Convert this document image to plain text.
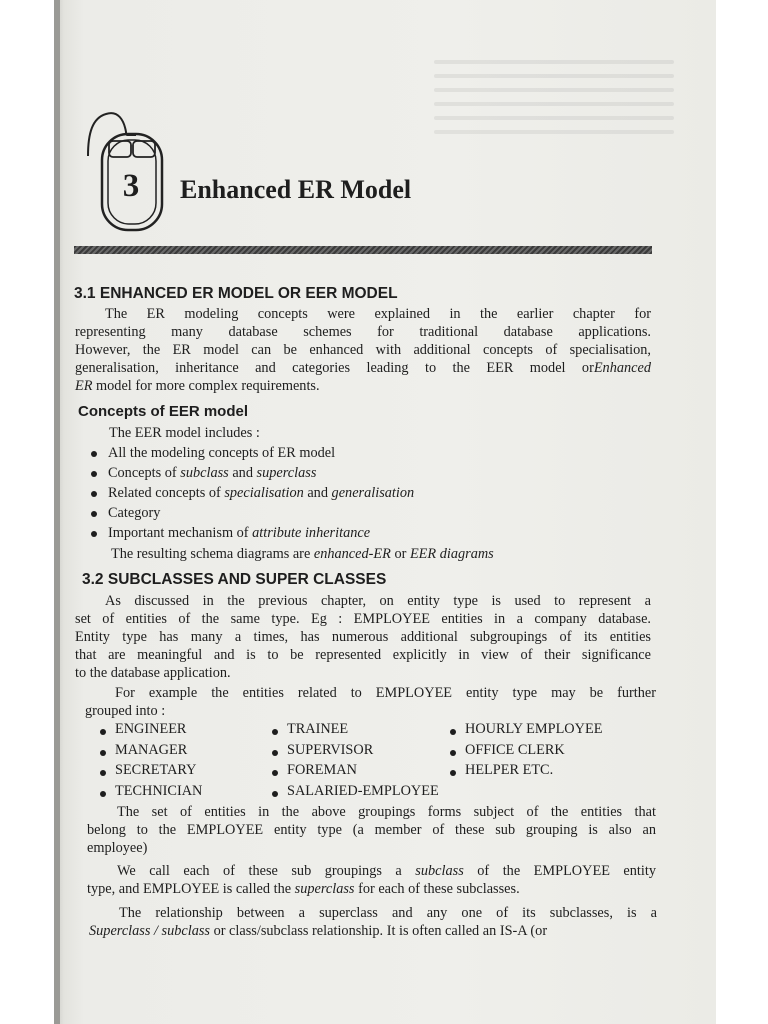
3	Enhanced ER Model
3.1 ENHANCED ER MODEL OR EER MODEL

The ER modeling concepts were explained in the earlier chapter for
representing many database schemes for traditional database applications.
However, the ER model can be enhanced with additional concepts of specialisation,
generalisation, inheritance and categories leading to the EER model orEnhanced
ER model for more complex requirements.

Concepts of EER model
The EER model includes :
All the modeling concepts of ER model
Concepts of subclass and superclass
Related concepts of specialisation and generalisation
Category
Important mechanism of attribute inheritance
The resulting schema diagrams are enhanced-ER or EER diagrams
3.2 SUBCLASSES AND SUPER CLASSES

As discussed in the previous chapter, on entity type is used to represent a
set of entities of the same type. Eg : EMPLOYEE entities in a company database.
Entity type has many a times, has numerous additional subgroupings of its entities
that are meaningful and is to be represented explicitly in view of their significance
to the database application.

For example the entities related to EMPLOYEE entity type may be further
grouped into :

ENGINEER	TRAINEE	HOURLY EMPLOYEE
MANAGER	SUPERVISOR	OFFICE CLERK
SECRETARY	FOREMAN	HELPER ETC.
TECHNICIAN	SALARIED-EMPLOYEE

The set of entities in the above groupings forms subject of the entities that
belong to the EMPLOYEE entity type (a member of these sub grouping is also an
employee)

We call each of these sub groupings a subclass of the EMPLOYEE entity
type, and EMPLOYEE is called the superclass for each of these subclasses.

The relationship between a superclass and any one of its subclasses, is a
Superclass / subclass or class/subclass relationship. It is often called an IS-A (or
